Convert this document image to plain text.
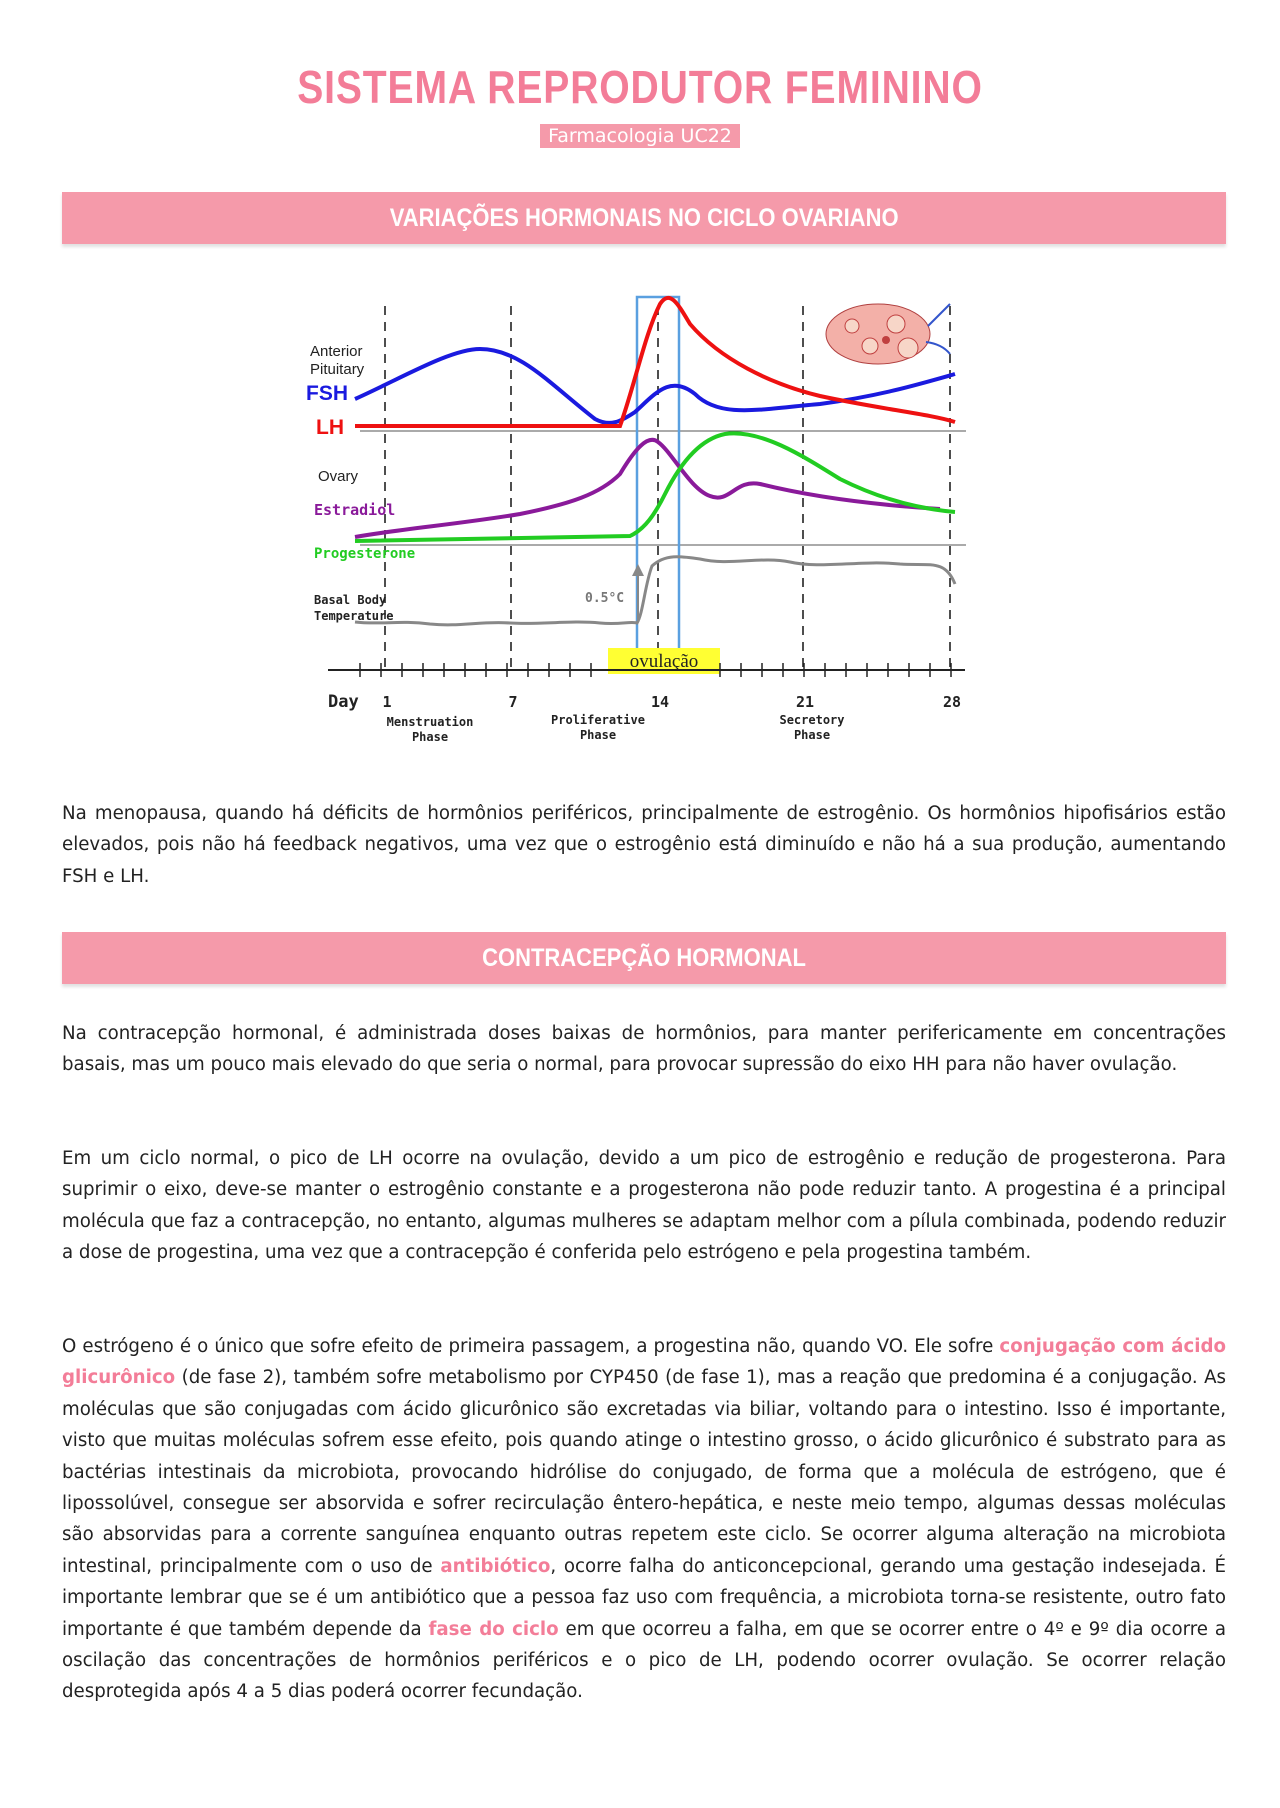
SISTEMA REPRODUTOR FEMININO
Farmacologia UC22
VARIAÇÕES HORMONAIS NO CICLO OVARIANO
Anterior
Pituitary
FSH
LH
Ovary
Estradiol
Progesterone
Basal Body
Temperature
0.5°C
ovulação
Day 1	7	14	21	28
Menstruation
Phase
Proliferative
Phase
Secretory
Phase
Na menopausa, quando há déficits de hormônios periféricos, principalmente de estrogênio. Os hormônios hipofisários estão elevados, pois não há feedback negativos, uma vez que o estrogênio está diminuído e não há a sua produção, aumentando FSH e LH.
CONTRACEPÇÃO HORMONAL
Na contracepção hormonal, é administrada doses baixas de hormônios, para manter perifericamente em concentrações basais, mas um pouco mais elevado do que seria o normal, para provocar supressão do eixo HH para não haver ovulação.
Em um ciclo normal, o pico de LH ocorre na ovulação, devido a um pico de estrogênio e redução de progesterona. Para suprimir o eixo, deve-se manter o estrogênio constante e a progesterona não pode reduzir tanto. A progestina é a principal molécula que faz a contracepção, no entanto, algumas mulheres se adaptam melhor com a pílula combinada, podendo reduzir a dose de progestina, uma vez que a contracepção é conferida pelo estrógeno e pela progestina também.
O estrógeno é o único que sofre efeito de primeira passagem, a progestina não, quando VO. Ele sofre conjugação com ácido glicurônico (de fase 2), também sofre metabolismo por CYP450 (de fase 1), mas a reação que predomina é a conjugação. As moléculas que são conjugadas com ácido glicurônico são excretadas via biliar, voltando para o intestino. Isso é importante, visto que muitas moléculas sofrem esse efeito, pois quando atinge o intestino grosso, o ácido glicurônico é substrato para as bactérias intestinais da microbiota, provocando hidrólise do conjugado, de forma que a molécula de estrógeno, que é lipossolúvel, consegue ser absorvida e sofrer recirculação êntero-hepática, e neste meio tempo, algumas dessas moléculas são absorvidas para a corrente sanguínea enquanto outras repetem este ciclo. Se ocorrer alguma alteração na microbiota intestinal, principalmente com o uso de antibiótico, ocorre falha do anticoncepcional, gerando uma gestação indesejada. É importante lembrar que se é um antibiótico que a pessoa faz uso com frequência, a microbiota torna-se resistente, outro fato importante é que também depende da fase do ciclo em que ocorreu a falha, em que se ocorrer entre o 4º e 9º dia ocorre a oscilação das concentrações de hormônios periféricos e o pico de LH, podendo ocorrer ovulação. Se ocorrer relação desprotegida após 4 a 5 dias poderá ocorrer fecundação.
